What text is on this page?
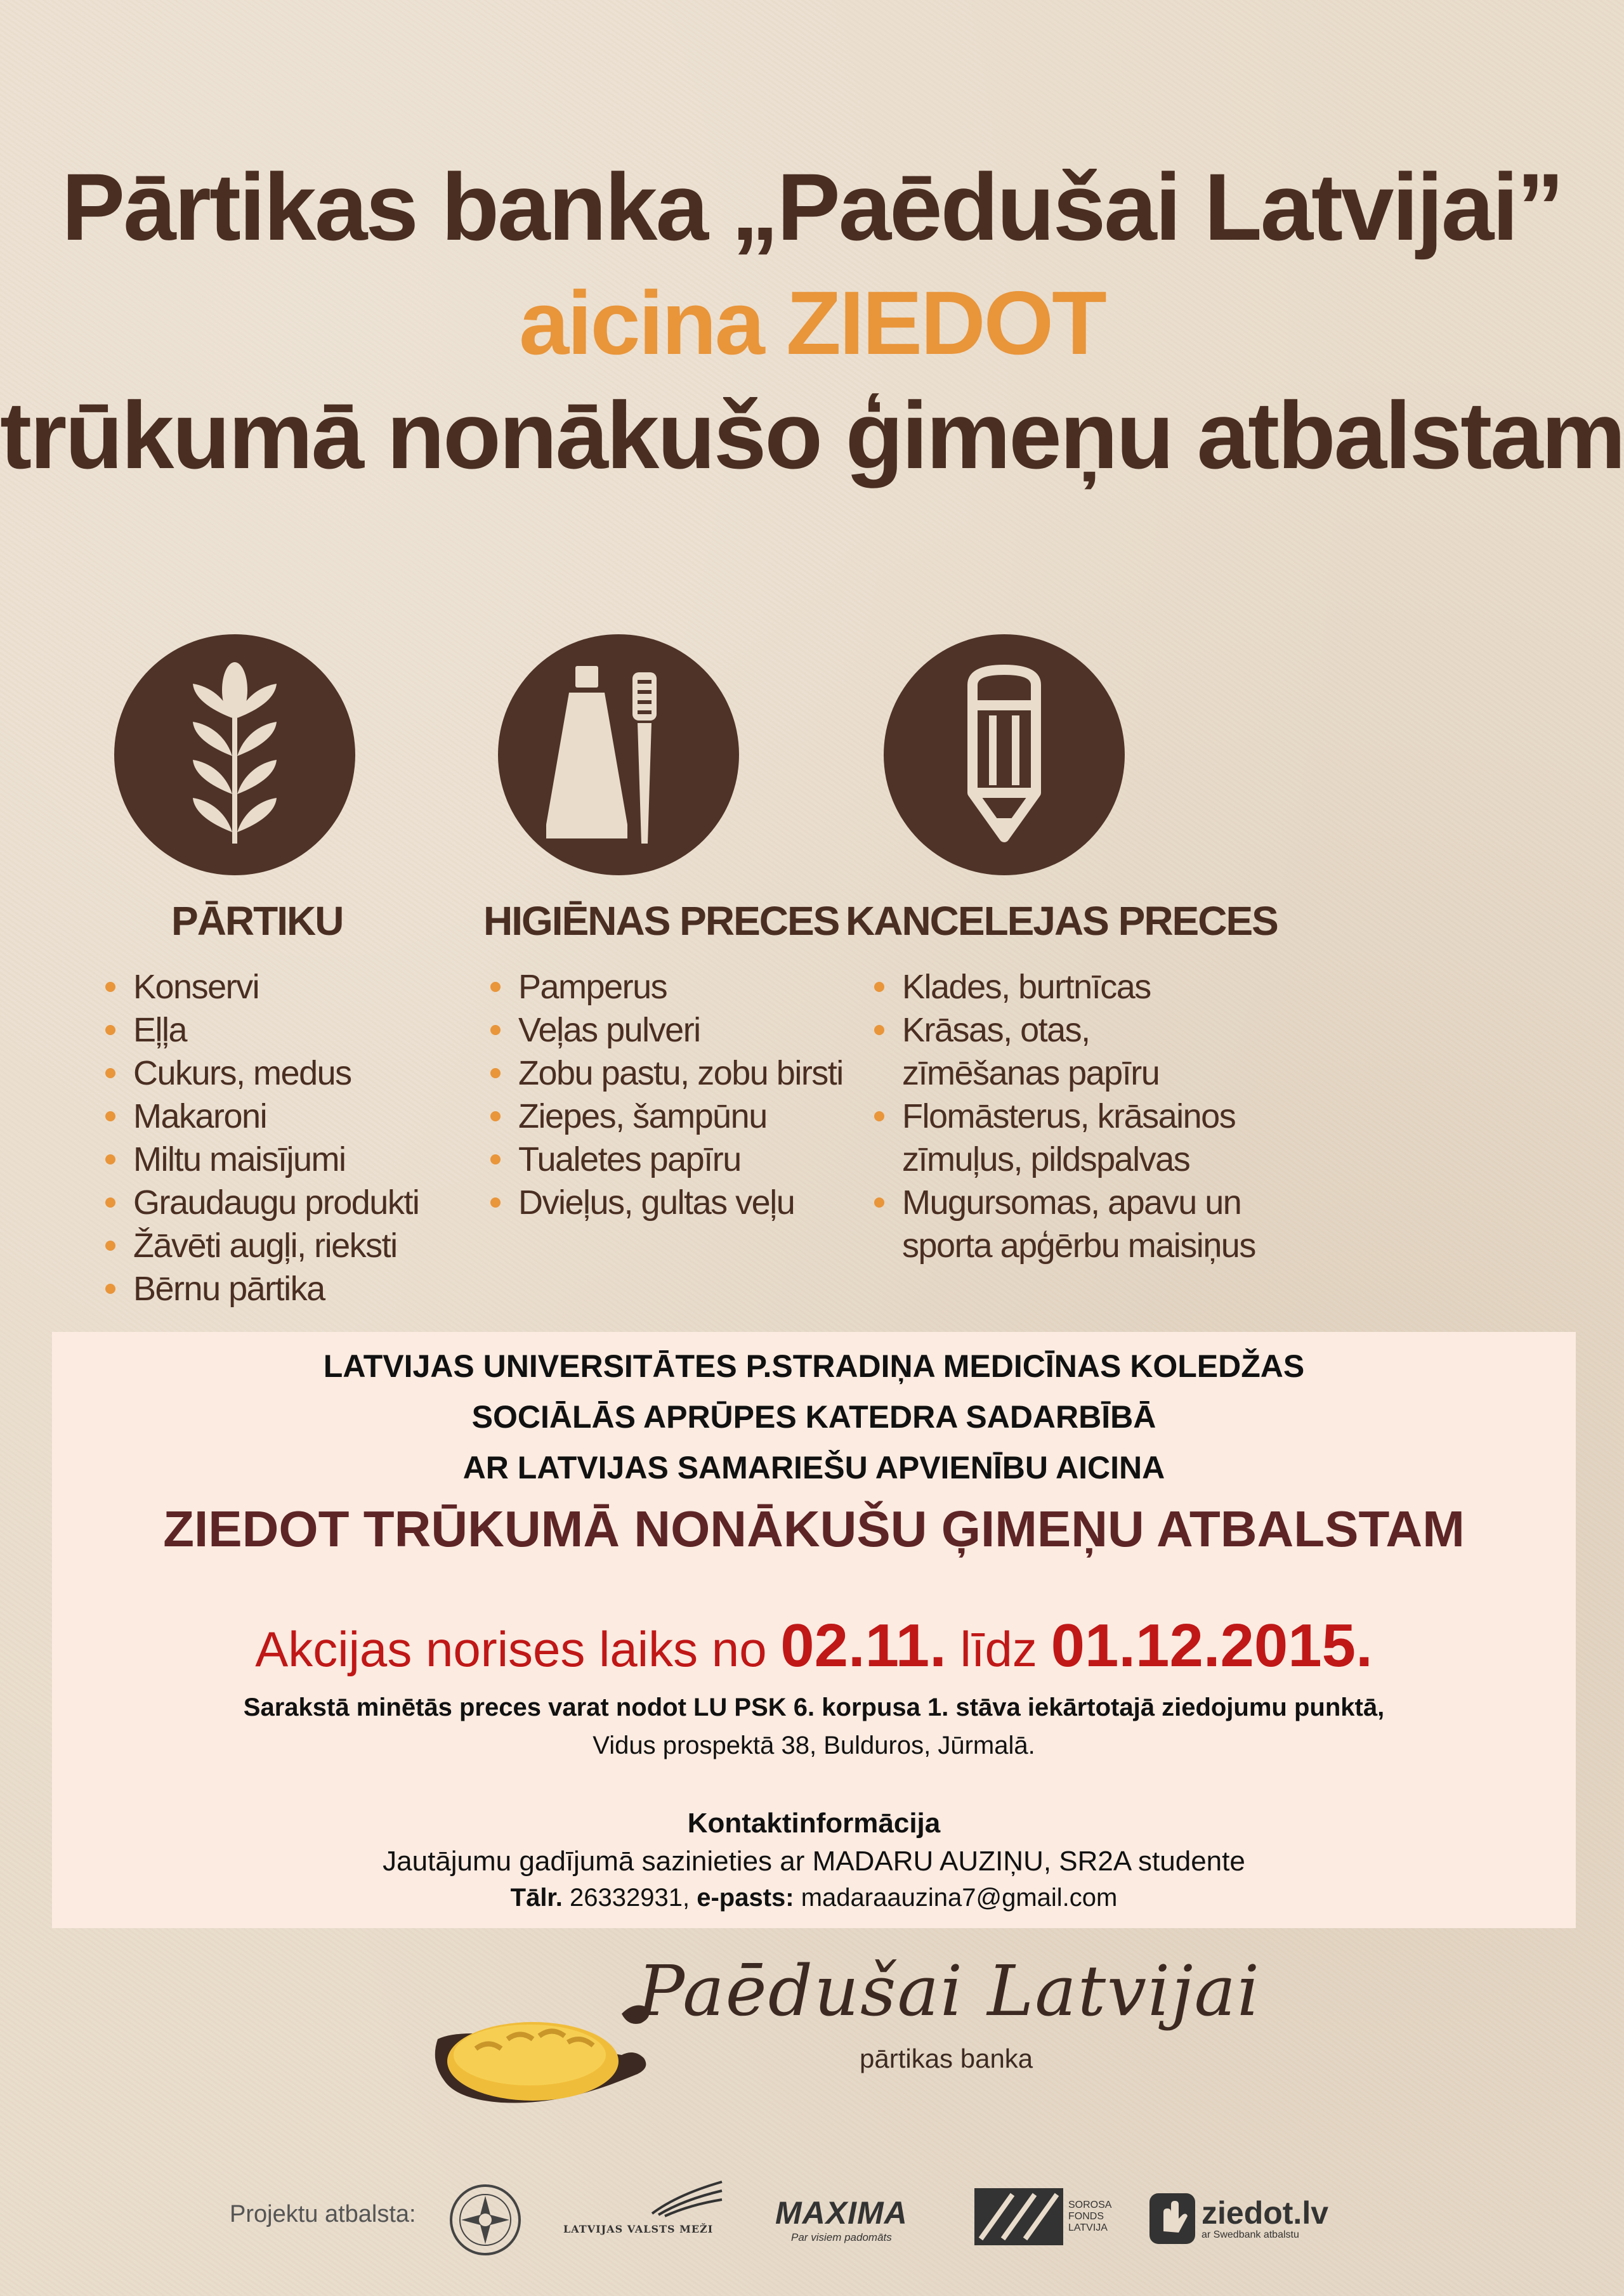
Pārtikas banka „Paēdušai Latvijai”
aicina ZIEDOT
trūkumā nonākušo ģimeņu atbalstam
PĀRTIKU	HIGIĒNAS PRECES KANCELEJAS PRECES
Konservi
Eļļa
Cukurs, medus
Makaroni
Miltu maisījumi
Graudaugu produkti
Žāvēti augļi, rieksti
Bērnu pārtika
Pamperus
Veļas pulveri
Zobu pastu, zobu birsti
Ziepes, šampūnu
Tualetes papīru
Dvieļus, gultas veļu
Klades, burtnīcas
Krāsas, otas,
zīmēšanas papīru
Flomāsterus, krāsainos
zīmuļus, pildspalvas
Mugursomas, apavu un
sporta apģērbu maisiņus

LATVIJAS UNIVERSITĀTES P.STRADIŅA MEDICĪNAS KOLEDŽAS

SOCIĀLĀS APRŪPES KATEDRA SADARBĪBĀ

AR LATVIJAS SAMARIEŠU APVIENĪBU AICINA

ZIEDOT TRŪKUMĀ NONĀKUŠU ĢIMEŅU ATBALSTAM

Akcijas norises laiks no 02.11. līdz 01.12.2015.

Sarakstā minētās preces varat nodot LU PSK 6. korpusa 1. stāva iekārtotajā ziedojumu punktā,

Vidus prospektā 38, Bulduros, Jūrmalā.

Kontaktinformācija

Jautājumu gadījumā sazinieties ar MADARU AUZIŅU, SR2A studente

Tālr. 26332931, e-pasts: madaraauzina7@gmail.com

Paēdušai Latvijai
pārtikas banka
Projektu atbalsta:
LATVIJAS VALSTS MEŽI	MAXIMA
Par visiem padomāts
SOROSA FONDS LATVIJA	ziedot.lv
ar Swedbank atbalstu
